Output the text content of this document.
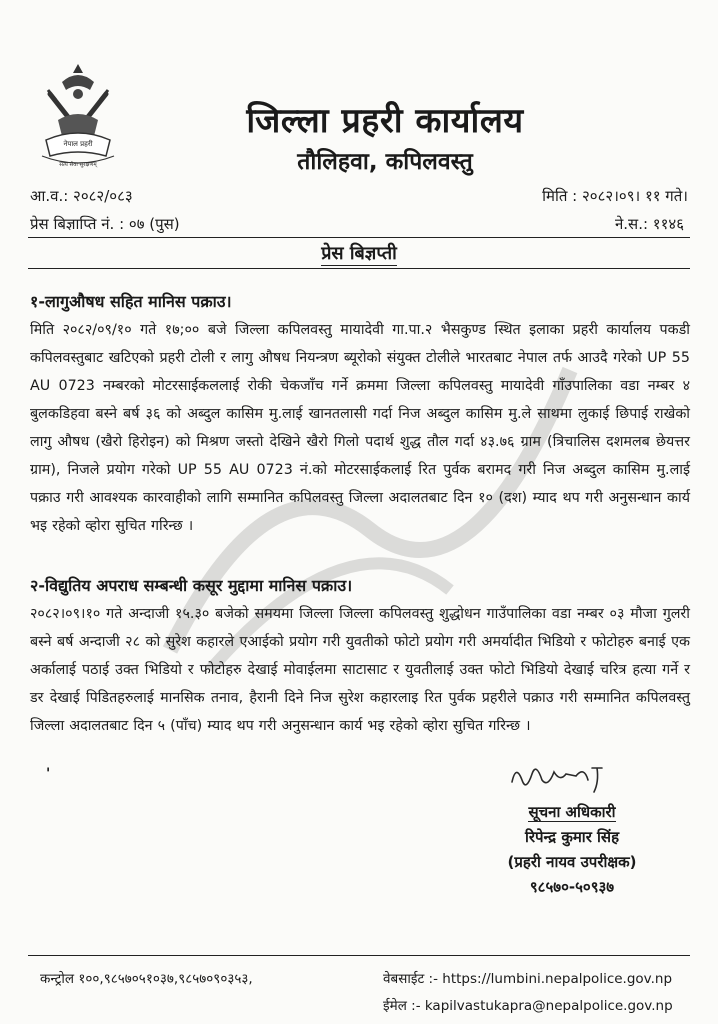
नेपाल प्रहरी
सत्य सेवा सुरक्षणम्
जिल्ला प्रहरी कार्यालय
तौलिहवा, कपिलवस्तु
आ.व.: २०८२/०८३	मिति : २०८२।०९। ११ गते।
प्रेस बिज्ञाप्ति नं. : ०७ (पुस)	ने.स.: ११४६
प्रेस बिज्ञप्ती
१-लागुऔषध सहित मानिस पक्राउ।
मिति २०८२/०९/१० गते १७;०० बजे जिल्ला कपिलवस्तु मायादेवी गा.पा.२ भैसकुण्ड स्थित इलाका प्रहरी कार्यालय पकडी कपिलवस्तुबाट खटिएको प्रहरी टोली र लागु औषध नियन्त्रण ब्यूरोको संयुक्त टोलीले भारतबाट नेपाल तर्फ आउदै गरेको UP 55 AU 0723 नम्बरको मोटरसाईकललाई रोकी चेकजाँच गर्ने क्रममा जिल्ला कपिलवस्तु मायादेवी गाँउपालिका वडा नम्बर ४ बुलकडिहवा बस्ने बर्ष ३६ को अब्दुल कासिम मु.लाई खानतलासी गर्दा निज अब्दुल कासिम मु.ले साथमा लुकाई छिपाई राखेको लागु औषध (खैरो हिरोइन) को मिश्रण जस्तो देखिने खैरो गिलो पदार्थ शुद्ध तौल गर्दा ४३.७६ ग्राम (त्रिचालिस दशमलब छेयत्तर ग्राम), निजले प्रयोग गरेको UP 55 AU 0723 नं.को मोटरसाईकलाई रित पुर्वक बरामद गरी निज अब्दुल कासिम मु.लाई पक्राउ गरी आवश्यक कारवाहीको लागि सम्मानित कपिलवस्तु जिल्ला अदालतबाट दिन १० (दश) म्याद थप गरी अनुसन्धान कार्य भइ रहेको व्होरा सुचित गरिन्छ ।
२-विद्युतिय अपराध सम्बन्धी कसूर मुद्दामा मानिस पक्राउ।
२०८२।०९।१० गते अन्दाजी १५.३० बजेको समयमा जिल्ला जिल्ला कपिलवस्तु शुद्धोधन गाउँपालिका वडा नम्बर ०३ मौजा गुलरी बस्ने बर्ष अन्दाजी २८ को सुरेश कहारले एआईको प्रयोग गरी युवतीको फोटो प्रयोग गरी अमर्यादीत भिडियो र फोटोहरु बनाई एक अर्कालाई पठाई उक्त भिडियो र फोटोहरु देखाई मोवाईलमा साटासाट र युवतीलाई उक्त फोटो भिडियो देखाई चरित्र हत्या गर्ने र डर देखाई पिडितहरुलाई मानसिक तनाव, हैरानी दिने निज सुरेश कहारलाइ रित पुर्वक प्रहरीले पक्राउ गरी सम्मानित कपिलवस्तु जिल्ला अदालतबाट दिन ५ (पाँच) म्याद थप गरी अनुसन्धान कार्य भइ रहेको व्होरा सुचित गरिन्छ ।
'
सूचना अधिकारी
रिपेन्द्र कुमार सिंह
(प्रहरी नायव उपरीक्षक)
९८५७०-५०९३७
कन्ट्रोल १००,९८५७०५१०३७,९८५७०९०३५३,	वेबसाईट :- https://lumbini.nepalpolice.gov.np
ईमेल :- kapilvastukapra@nepalpolice.gov.np
